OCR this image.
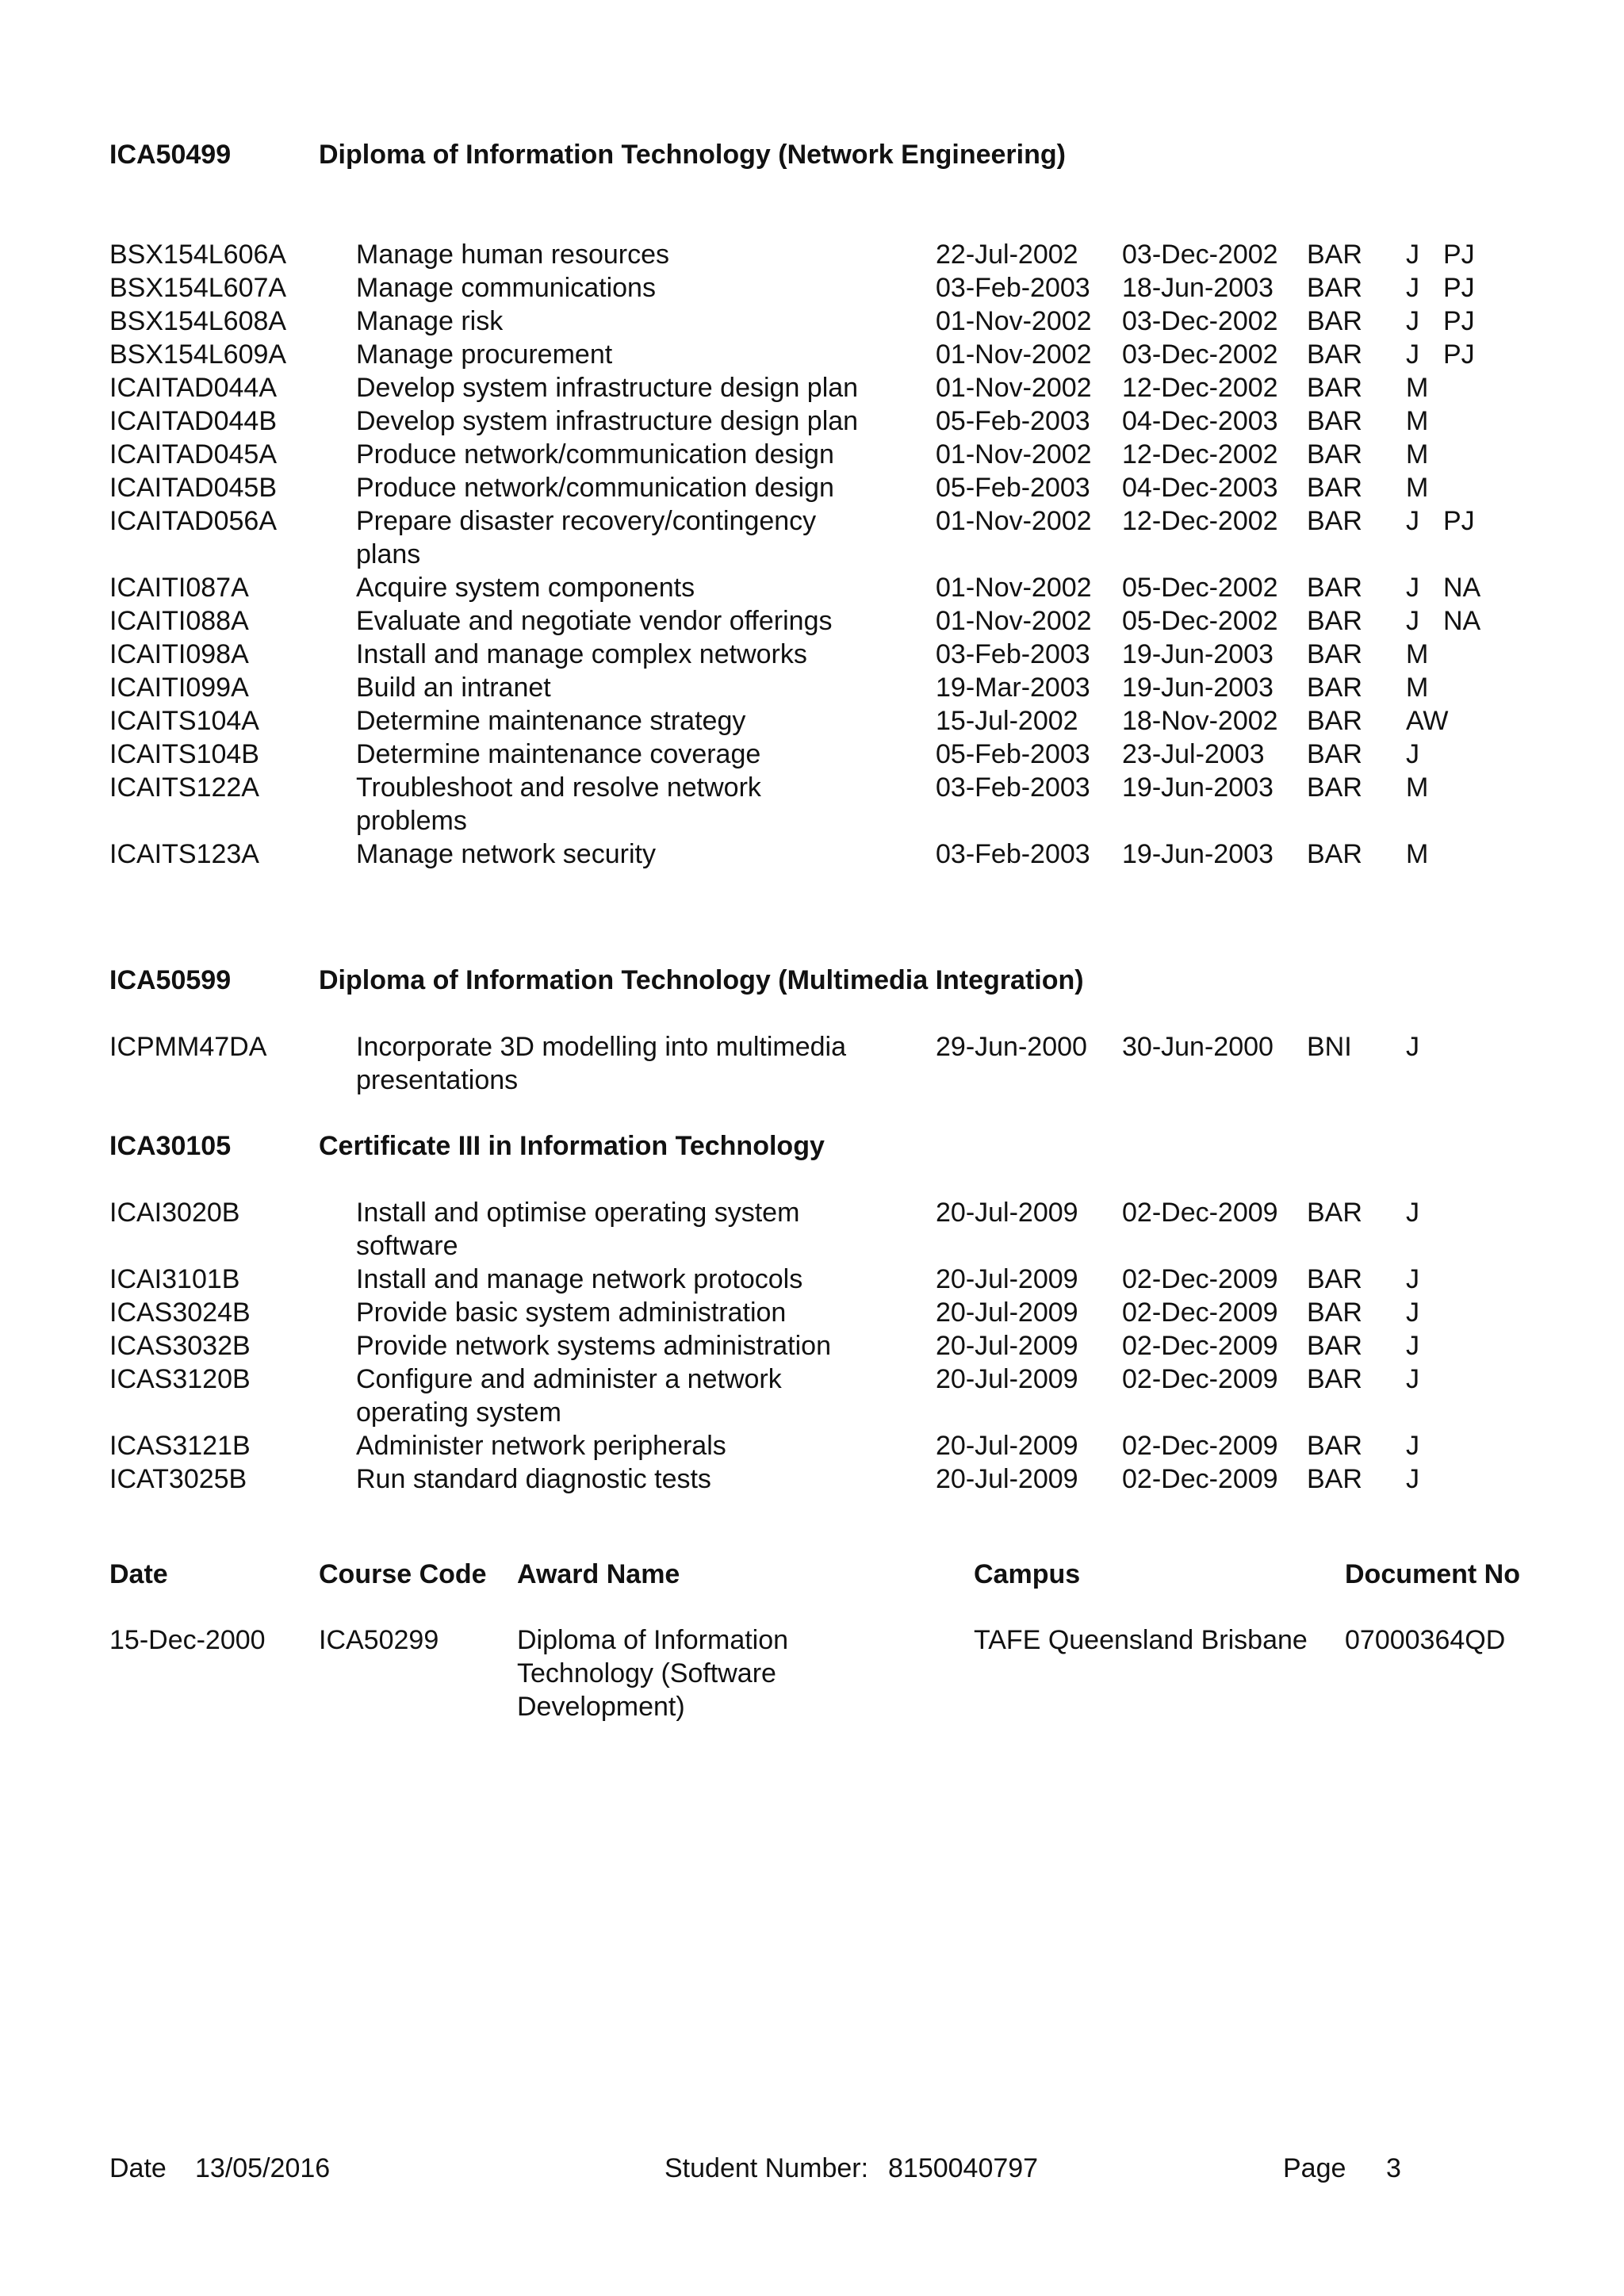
ICA50499	Diploma of Information Technology (Network Engineering)
BSX154L606A	Manage human resources	22-Jul-2002 03-Dec-2002 BAR J PJ
BSX154L607A	Manage communications	03-Feb-2003 18-Jun-2003 BAR J PJ
BSX154L608A	Manage risk	01-Nov-2002 03-Dec-2002 BAR J PJ
BSX154L609A	Manage procurement	01-Nov-2002 03-Dec-2002 BAR J PJ
ICAITAD044A	Develop system infrastructure design plan	01-Nov-2002 12-Dec-2002 BAR M
ICAITAD044B	Develop system infrastructure design plan	05-Feb-2003 04-Dec-2003 BAR M
ICAITAD045A	Produce network/communication design	01-Nov-2002 12-Dec-2002 BAR M
ICAITAD045B	Produce network/communication design	05-Feb-2003 04-Dec-2003 BAR M
ICAITAD056A	Prepare disaster recovery/contingency plans
01-Nov-2002 12-Dec-2002 BAR J PJ
ICAITI087A	Acquire system components	01-Nov-2002 05-Dec-2002 BAR J NA
ICAITI088A	Evaluate and negotiate vendor offerings	01-Nov-2002 05-Dec-2002 BAR J NA
ICAITI098A	Install and manage complex networks	03-Feb-2003 19-Jun-2003 BAR M
ICAITI099A	Build an intranet	19-Mar-2003 19-Jun-2003 BAR M
ICAITS104A	Determine maintenance strategy	15-Jul-2002 18-Nov-2002 BAR AW
ICAITS104B	Determine maintenance coverage	05-Feb-2003 23-Jul-2003 BAR J
ICAITS122A	Troubleshoot and resolve network problems
03-Feb-2003 19-Jun-2003 BAR M
ICAITS123A	Manage network security	03-Feb-2003 19-Jun-2003 BAR M
ICA50599	Diploma of Information Technology (Multimedia Integration)
ICPMM47DA	Incorporate 3D modelling into multimedia presentations
29-Jun-2000 30-Jun-2000 BNI J
ICA30105	Certificate III in Information Technology
ICAI3020B	Install and optimise operating system software
20-Jul-2009 02-Dec-2009 BAR J
ICAI3101B	Install and manage network protocols	20-Jul-2009 02-Dec-2009 BAR J
ICAS3024B	Provide basic system administration	20-Jul-2009 02-Dec-2009 BAR J
ICAS3032B	Provide network systems administration	20-Jul-2009 02-Dec-2009 BAR J
ICAS3120B	Configure and administer a network operating system
20-Jul-2009 02-Dec-2009 BAR J
ICAS3121B	Administer network peripherals	20-Jul-2009 02-Dec-2009 BAR J
ICAT3025B	Run standard diagnostic tests	20-Jul-2009 02-Dec-2009 BAR J
Date	Course Code Award Name	Campus	Document No
15-Dec-2000 ICA50299	Diploma of Information Technology (Software Development)
TAFE Queensland Brisbane 07000364QD
Date 13/05/2016	Student Number: 8150040797	Page 3
